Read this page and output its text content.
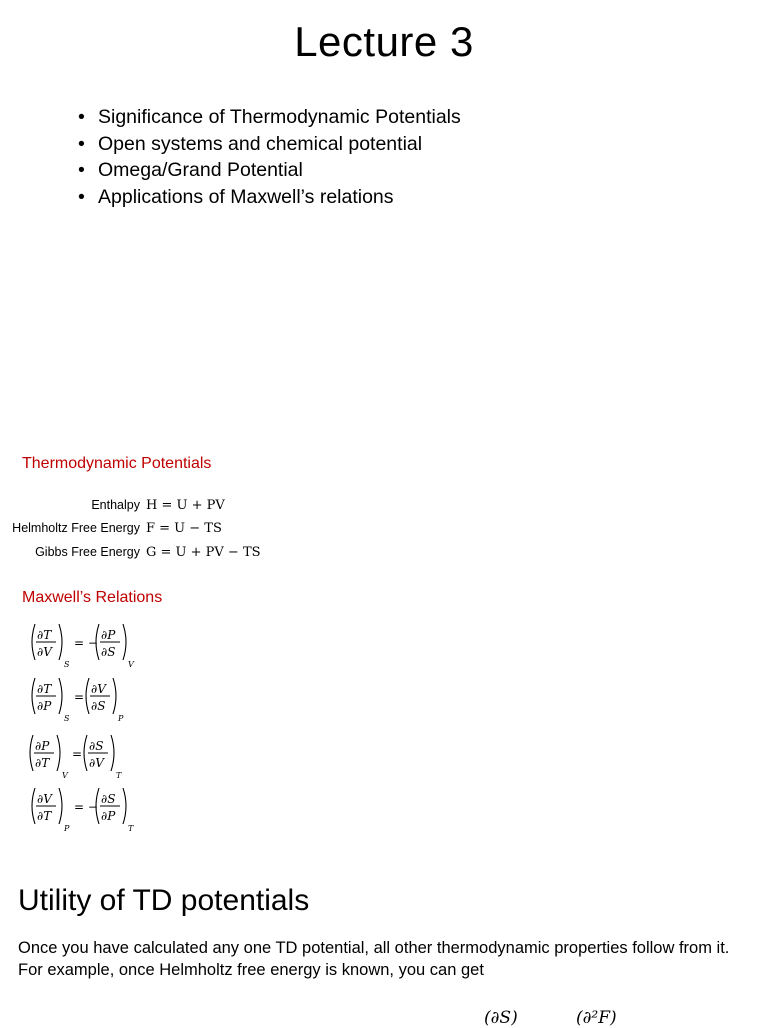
Lecture 3
• Significance of Thermodynamic Potentials
• Open systems and chemical potential
• Omega/Grand Potential
• Applications of Maxwell’s relations
Thermodynamic Potentials
Enthalpy H = U + PV
Helmholtz Free Energy F = U − TS
Gibbs Free Energy G = U + PV − TS
Maxwell’s Relations
∂T
∂V
S
= −
∂P
∂S
V
∂T
∂P
S
=
∂V
∂S
P
∂P
∂T
V
=
∂S
∂V
T
∂V
∂T
P
= −
∂S
∂P
T
Utility of TD potentials
Once you have calculated any one TD potential, all other thermodynamic properties follow from it. For example, once Helmholtz free energy is known, you can get
(∂S)	(∂²F)
